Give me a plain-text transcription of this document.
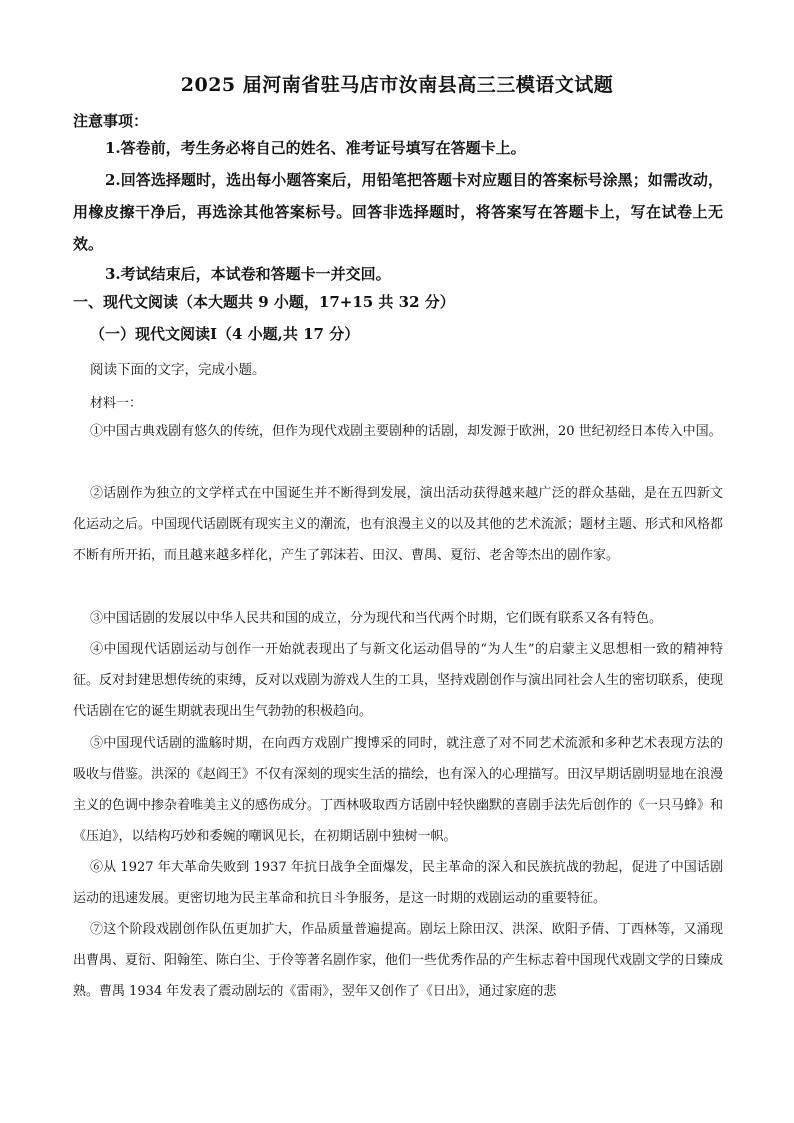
2025 届河南省驻马店市汝南县高三三模语文试题
注意事项：
1.答卷前，考生务必将自己的姓名、准考证号填写在答题卡上。
2.回答选择题时，选出每小题答案后，用铅笔把答题卡对应题目的答案标号涂黑；如需改动，用橡皮擦干净后，再选涂其他答案标号。回答非选择题时，将答案写在答题卡上，写在试卷上无效。
3.考试结束后，本试卷和答题卡一并交回。
一、现代文阅读（本大题共 9 小题，17+15 共 32 分）
（一）现代文阅读Ⅰ（4 小题,共 17 分）
阅读下面的文字，完成小题。
材料一：
①中国古典戏剧有悠久的传统，但作为现代戏剧主要剧种的话剧，却发源于欧洲，20 世纪初经日本传入中国。
②话剧作为独立的文学样式在中国诞生并不断得到发展，演出活动获得越来越广泛的群众基础，是在五四新文化运动之后。中国现代话剧既有现实主义的潮流，也有浪漫主义的以及其他的艺术流派；题材主题、形式和风格都不断有所开拓，而且越来越多样化，产生了郭沫若、田汉、曹禺、夏衍、老舍等杰出的剧作家。
③中国话剧的发展以中华人民共和国的成立，分为现代和当代两个时期，它们既有联系又各有特色。
④中国现代话剧运动与创作一开始就表现出了与新文化运动倡导的“为人生”的启蒙主义思想相一致的精神特征。反对封建思想传统的束缚，反对以戏剧为游戏人生的工具，坚持戏剧创作与演出同社会人生的密切联系，使现代话剧在它的诞生期就表现出生气勃勃的积极趋向。
⑤中国现代话剧的滥觞时期，在向西方戏剧广搜博采的同时，就注意了对不同艺术流派和多种艺术表现方法的吸收与借鉴。洪深的《赵阎王》不仅有深刻的现实生活的描绘，也有深入的心理描写。田汉早期话剧明显地在浪漫主义的色调中掺杂着唯美主义的感伤成分。丁西林吸取西方话剧中轻快幽默的喜剧手法先后创作的《一只马蜂》和《压迫》，以结构巧妙和委婉的嘲讽见长，在初期话剧中独树一帜。
⑥从 1927 年大革命失败到 1937 年抗日战争全面爆发，民主革命的深入和民族抗战的勃起，促进了中国话剧运动的迅速发展。更密切地为民主革命和抗日斗争服务，是这一时期的戏剧运动的重要特征。
⑦这个阶段戏剧创作队伍更加扩大，作品质量普遍提高。剧坛上除田汉、洪深、欧阳予倩、丁西林等，又涌现出曹禺、夏衍、阳翰笙、陈白尘、于伶等著名剧作家，他们一些优秀作品的产生标志着中国现代戏剧文学的日臻成熟。曹禺 1934 年发表了震动剧坛的《雷雨》，翌年又创作了《日出》，通过家庭的悲
